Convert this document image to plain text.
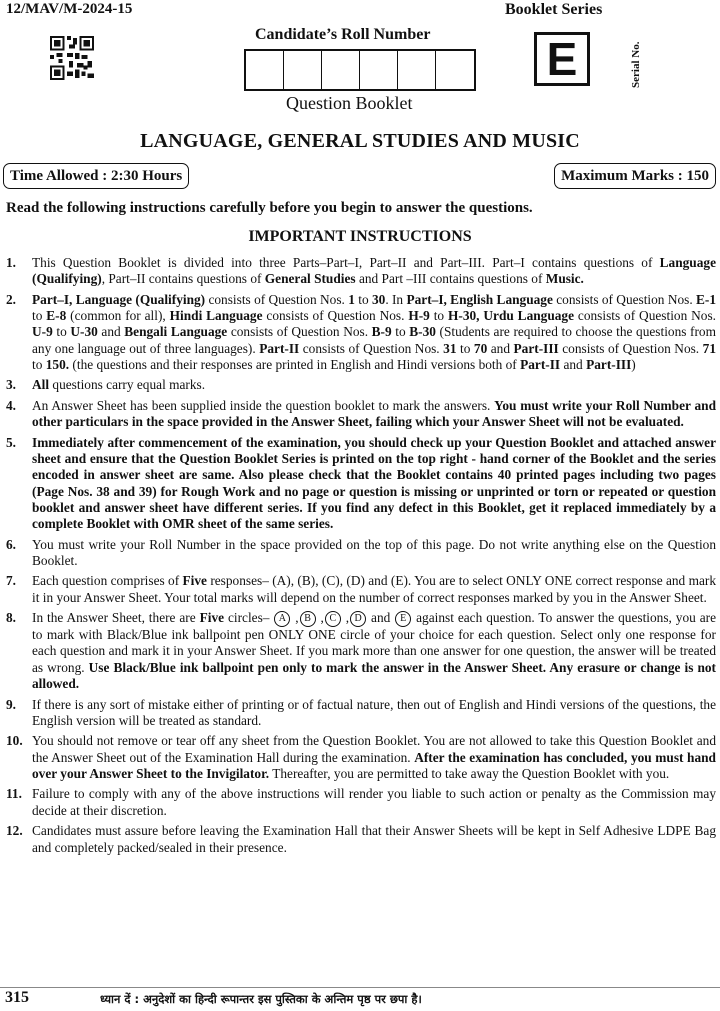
12/MAV/M-2024-15
Candidate’s Roll Number
Question Booklet
Booklet Series
E	Serial No.
LANGUAGE, GENERAL STUDIES AND MUSIC
Time Allowed : 2:30 Hours	Maximum Marks : 150
Read the following instructions carefully before you begin to answer the questions.
IMPORTANT INSTRUCTIONS
1.	This Question Booklet is divided into three Parts–Part–I, Part–II and Part–III. Part–I contains questions of Language (Qualifying), Part–II contains questions of General Studies and Part –III contains questions of Music.
2.	Part–I, Language (Qualifying) consists of Question Nos. 1 to 30. In Part–I, English Language consists of Question Nos. E-1 to E-8 (common for all), Hindi Language consists of Question Nos. H-9 to H-30, Urdu Language consists of Question Nos. U-9 to U-30 and Bengali Language consists of Question Nos. B-9 to B-30 (Students are required to choose the questions from any one language out of three languages). Part-II consists of Question Nos. 31 to 70 and Part-III consists of Question Nos. 71 to 150. (the questions and their responses are printed in English and Hindi versions both of Part-II and Part-III)
3.	All questions carry equal marks.
4.	An Answer Sheet has been supplied inside the question booklet to mark the answers. You must write your Roll Number and other particulars in the space provided in the Answer Sheet, failing which your Answer Sheet will not be evaluated.
5.	Immediately after commencement of the examination, you should check up your Question Booklet and attached answer sheet and ensure that the Question Booklet Series is printed on the top right - hand corner of the Booklet and the series encoded in answer sheet are same. Also please check that the Booklet contains 40 printed pages including two pages (Page Nos. 38 and 39) for Rough Work and no page or question is missing or unprinted or torn or repeated or question booklet and answer sheet have different series. If you find any defect in this Booklet, get it replaced immediately by a complete Booklet with OMR sheet of the same series.
6.	You must write your Roll Number in the space provided on the top of this page. Do not write anything else on the Question Booklet.
7.	Each question comprises of Five responses– (A), (B), (C), (D) and (E). You are to select ONLY ONE correct response and mark it in your Answer Sheet. Your total marks will depend on the number of correct responses marked by you in the Answer Sheet.
8.	In the Answer Sheet, there are Five circles– A , B , C , D and E against each question. To answer the questions, you are to mark with Black/Blue ink ballpoint pen ONLY ONE circle of your choice for each question. Select only one response for each question and mark it in your Answer Sheet. If you mark more than one answer for one question, the answer will be treated as wrong. Use Black/Blue ink ballpoint pen only to mark the answer in the Answer Sheet. Any erasure or change is not allowed.
9.	If there is any sort of mistake either of printing or of factual nature, then out of English and Hindi versions of the questions, the English version will be treated as standard.
10. You should not remove or tear off any sheet from the Question Booklet. You are not allowed to take this Question Booklet and the Answer Sheet out of the Examination Hall during the examination. After the examination has concluded, you must hand over your Answer Sheet to the Invigilator. Thereafter, you are permitted to take away the Question Booklet with you.
11. Failure to comply with any of the above instructions will render you liable to such action or penalty as the Commission may decide at their discretion.
12. Candidates must assure before leaving the Examination Hall that their Answer Sheets will be kept in Self Adhesive LDPE Bag and completely packed/sealed in their presence.
315	ध्यान दें : अनुदेशों का हिन्दी रूपान्तर इस पुस्तिका के अन्तिम पृष्ठ पर छपा है।
